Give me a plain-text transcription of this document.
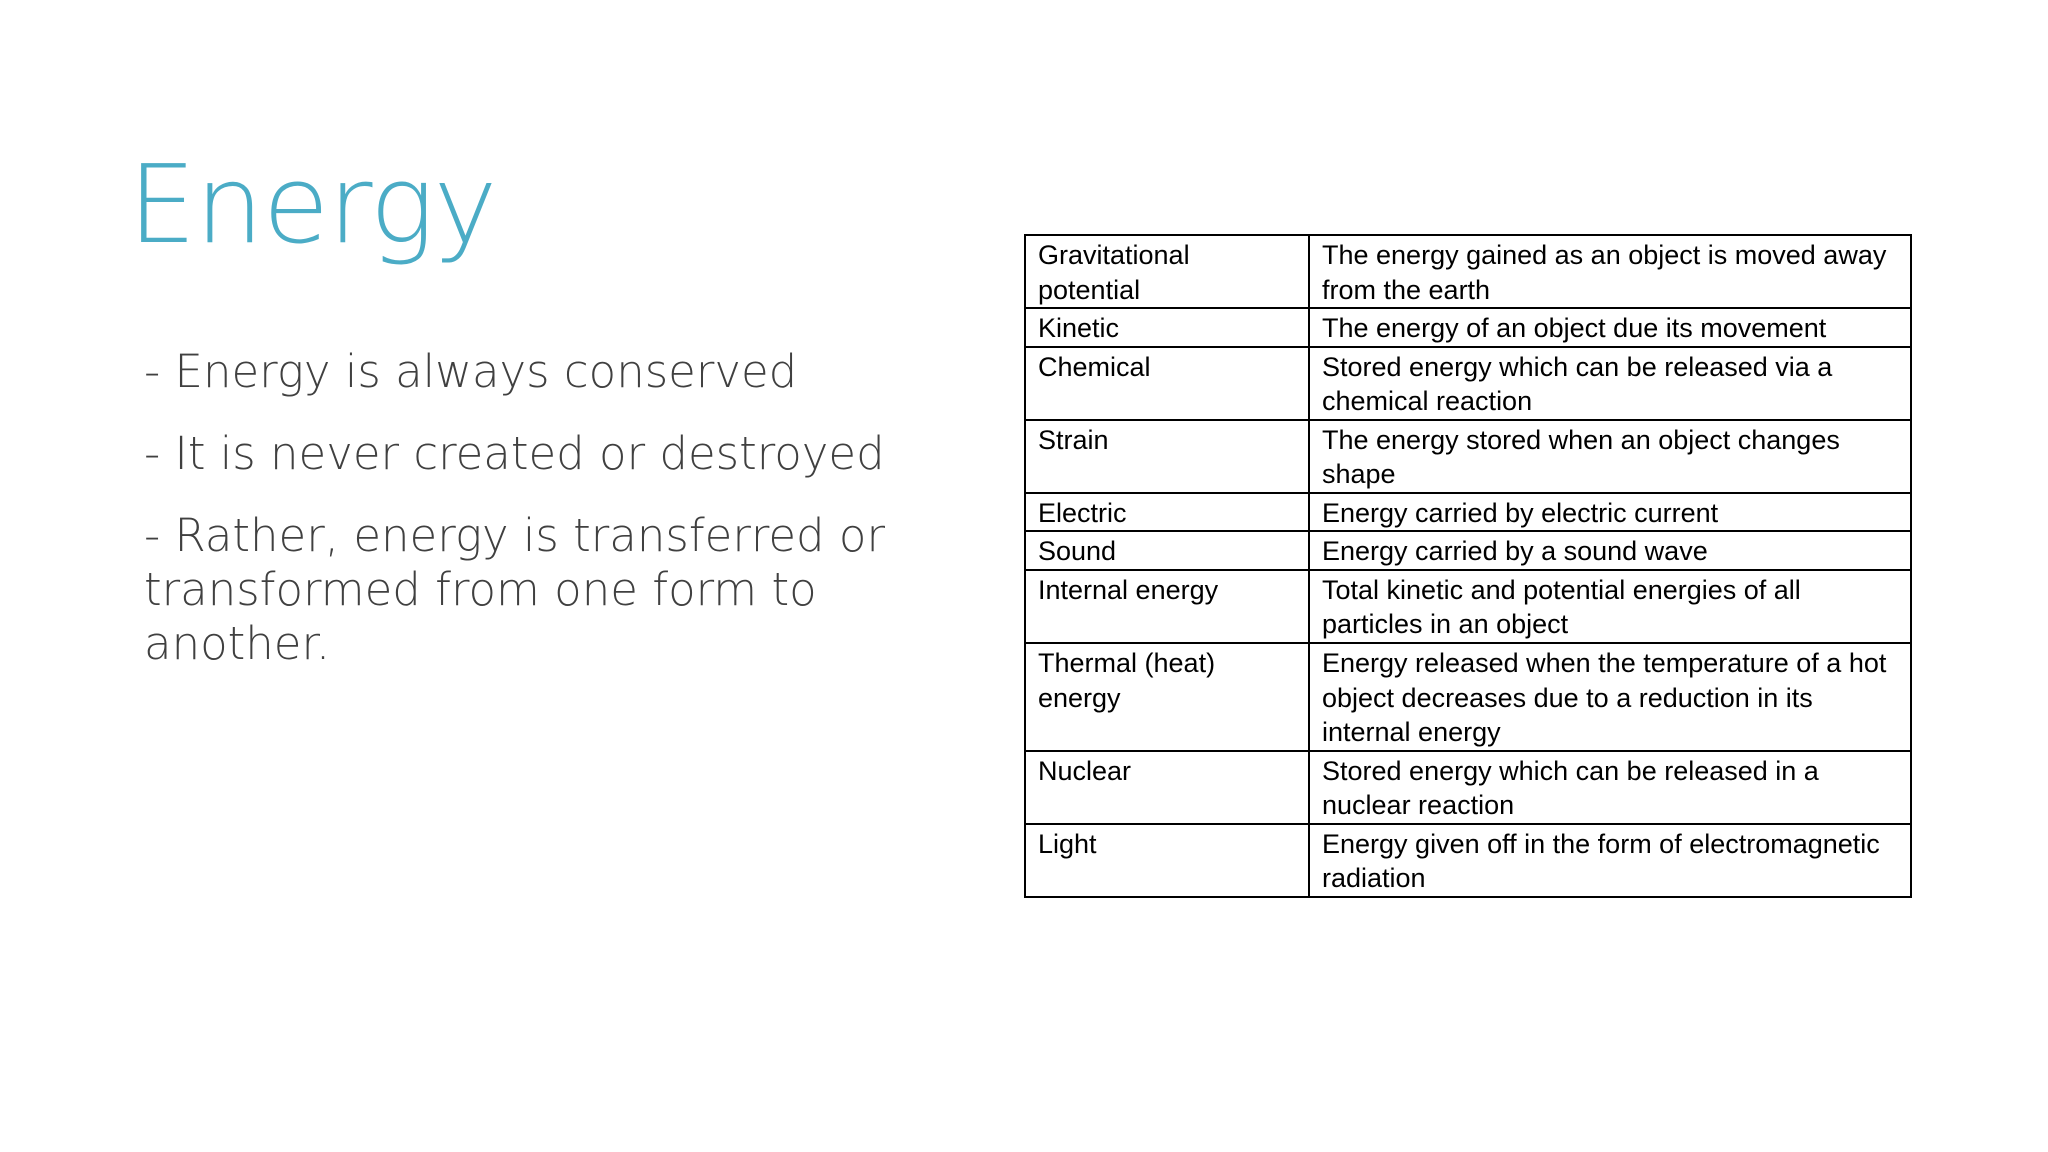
Energy
- Energy is always conserved
- It is never created or destroyed
- Rather, energy is transferred or transformed from one form to another.
Gravitational potential	The energy gained as an object is moved away from the earth
Kinetic	The energy of an object due its movement
Chemical	Stored energy which can be released via a chemical reaction
Strain	The energy stored when an object changes shape
Electric	Energy carried by electric current
Sound	Energy carried by a sound wave
Internal energy	Total kinetic and potential energies of all particles in an object
Thermal (heat) energy	Energy released when the temperature of a hot object decreases due to a reduction in its internal energy
Nuclear	Stored energy which can be released in a nuclear reaction
Light	Energy given off in the form of electromagnetic radiation
